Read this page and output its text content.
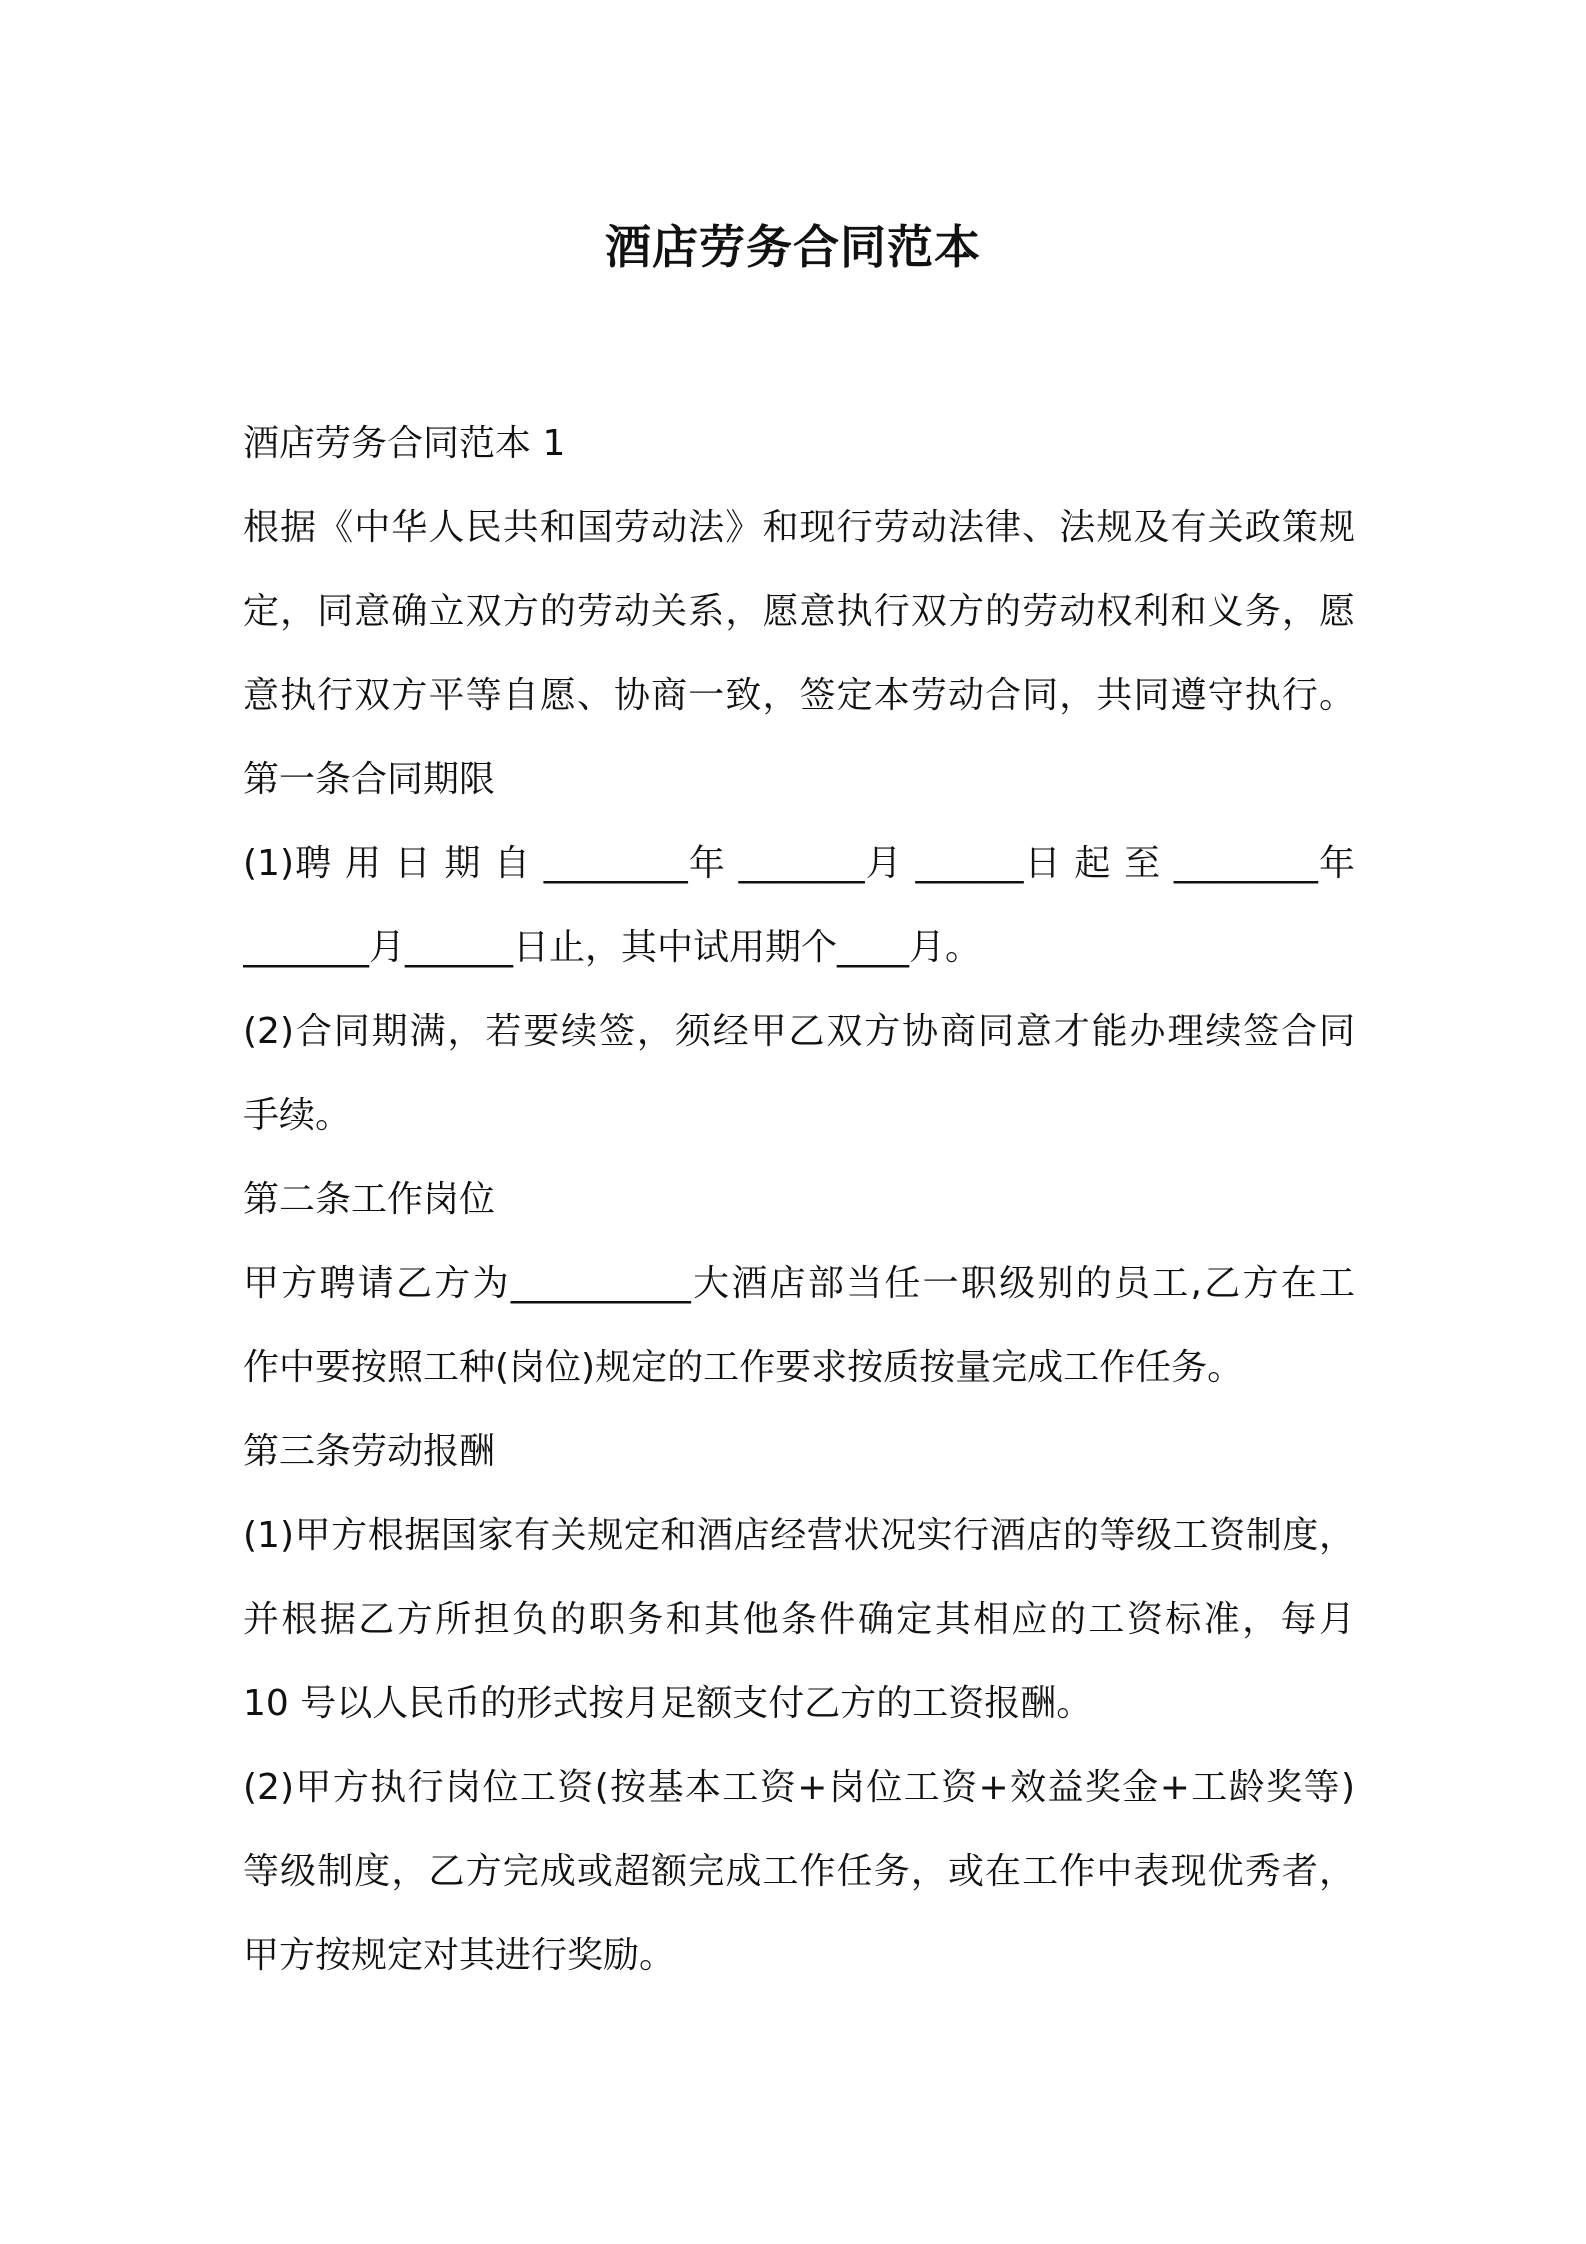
酒店劳务合同范本
酒店劳务合同范本 1
根据《中华人民共和国劳动法》和现行劳动法律、法规及有关政策规
定，同意确立双方的劳动关系，愿意执行双方的劳动权利和义务，愿
意执行双方平等自愿、协商一致，签定本劳动合同，共同遵守执行。
第一条合同期限
(1)聘 用 日 期 自 ________年 _______月 ______日 起 至 ________年
_______月______日止，其中试用期个____月。
(2)合同期满，若要续签，须经甲乙双方协商同意才能办理续签合同
手续。
第二条工作岗位
甲方聘请乙方为__________大酒店部当任一职级别的员工,乙方在工
作中要按照工种(岗位)规定的工作要求按质按量完成工作任务。
第三条劳动报酬
(1)甲方根据国家有关规定和酒店经营状况实行酒店的等级工资制度，
并根据乙方所担负的职务和其他条件确定其相应的工资标准，每月
10 号以人民币的形式按月足额支付乙方的工资报酬。
(2)甲方执行岗位工资(按基本工资+岗位工资+效益奖金+工龄奖等)
等级制度，乙方完成或超额完成工作任务，或在工作中表现优秀者，
甲方按规定对其进行奖励。
